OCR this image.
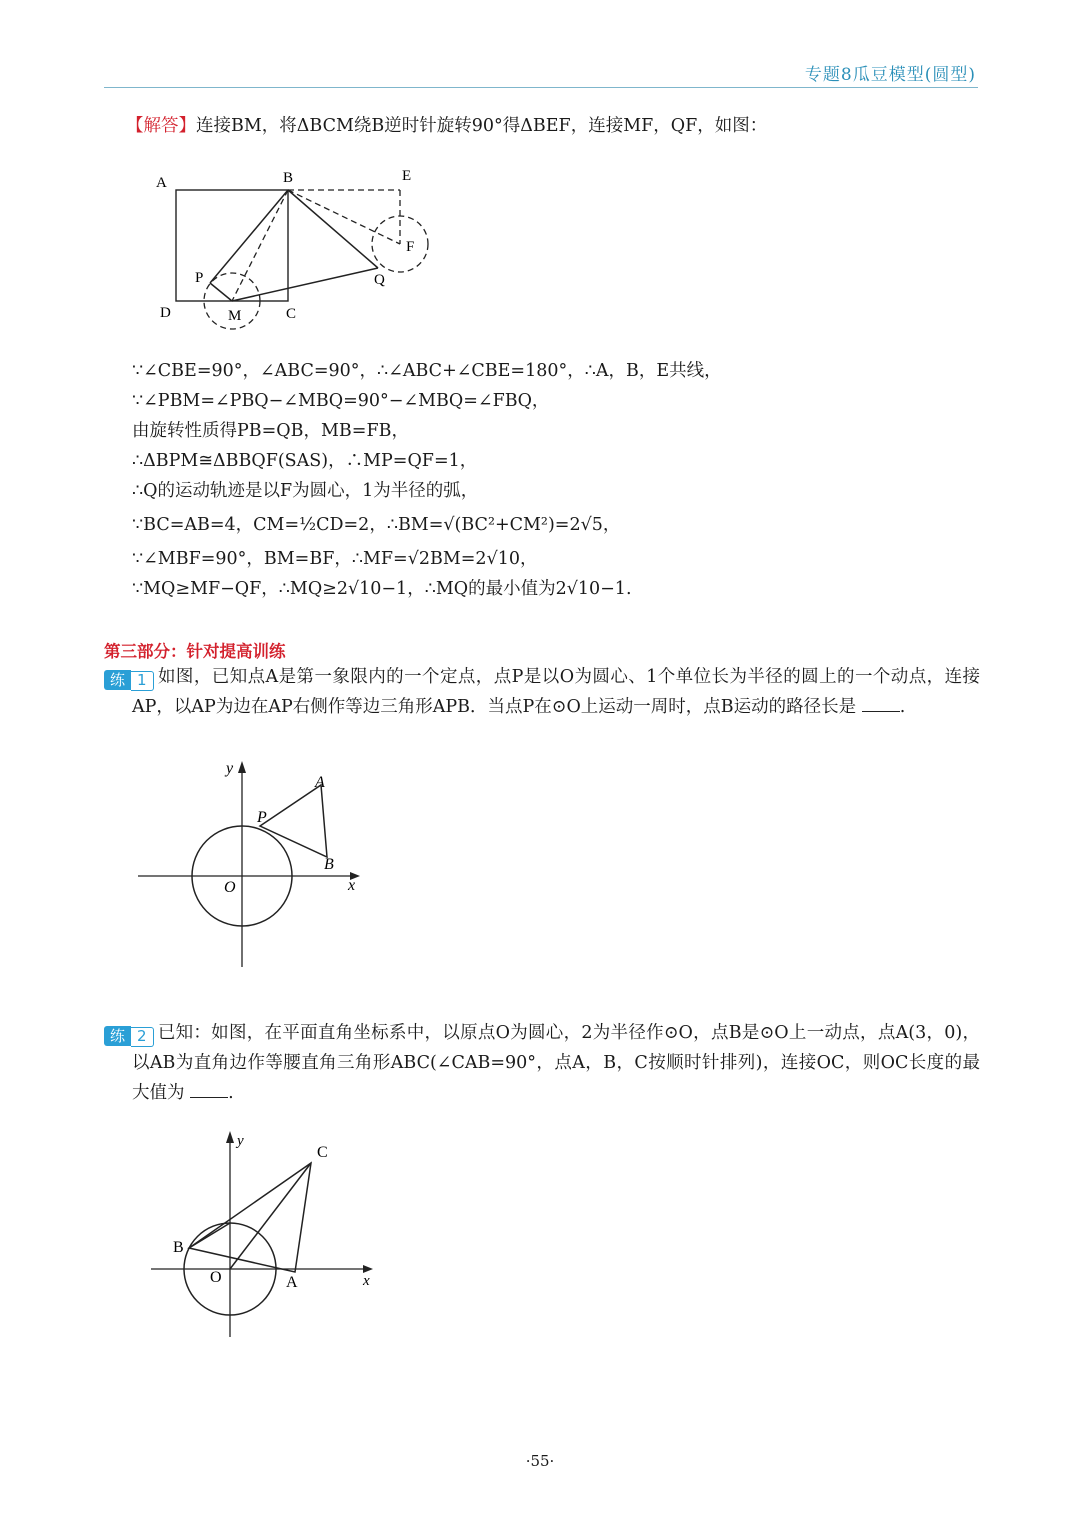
专题8瓜豆模型(圆型)
【解答】连接BM，将ΔBCM绕B逆时针旋转90°得ΔBEF，连接MF，QF，如图：
A	B	E
F
P	Q
D	M	C
∵∠CBE=90°，∠ABC=90°，∴∠ABC+∠CBE=180°，∴A，B，E共线，
∵∠PBM=∠PBQ−∠MBQ=90°−∠MBQ=∠FBQ，
由旋转性质得PB=QB，MB=FB，
∴ΔBPM≅ΔBBQF(SAS)，∴MP=QF=1，
∴Q的运动轨迹是以F为圆心，1为半径的弧，
∵BC=AB=4，CM=½CD=2，∴BM=√(BC²+CM²)=2√5，
∵∠MBF=90°，BM=BF，∴MF=√2BM=2√10，
∵MQ≥MF−QF，∴MQ≥2√10−1，∴MQ的最小值为2√10−1.
第三部分：针对提高训练

练 1 如图，已知点A是第一象限内的一个定点，点P是以O为圆心、1个单位长为半径的圆上的一个动点，连接AP，以AP为边在AP右侧作等边三角形APB．当点P在⊙O上运动一周时，点B运动的路径长是 .

y
A
P
B
O	x

练 2 已知：如图，在平面直角坐标系中，以原点O为圆心，2为半径作⊙O，点B是⊙O上一动点，点A(3，0)，以AB为直角边作等腰直角三角形ABC(∠CAB=90°，点A，B，C按顺时针排列)，连接OC，则OC长度的最大值为 .

y
C
B
O	A	x
·55·
